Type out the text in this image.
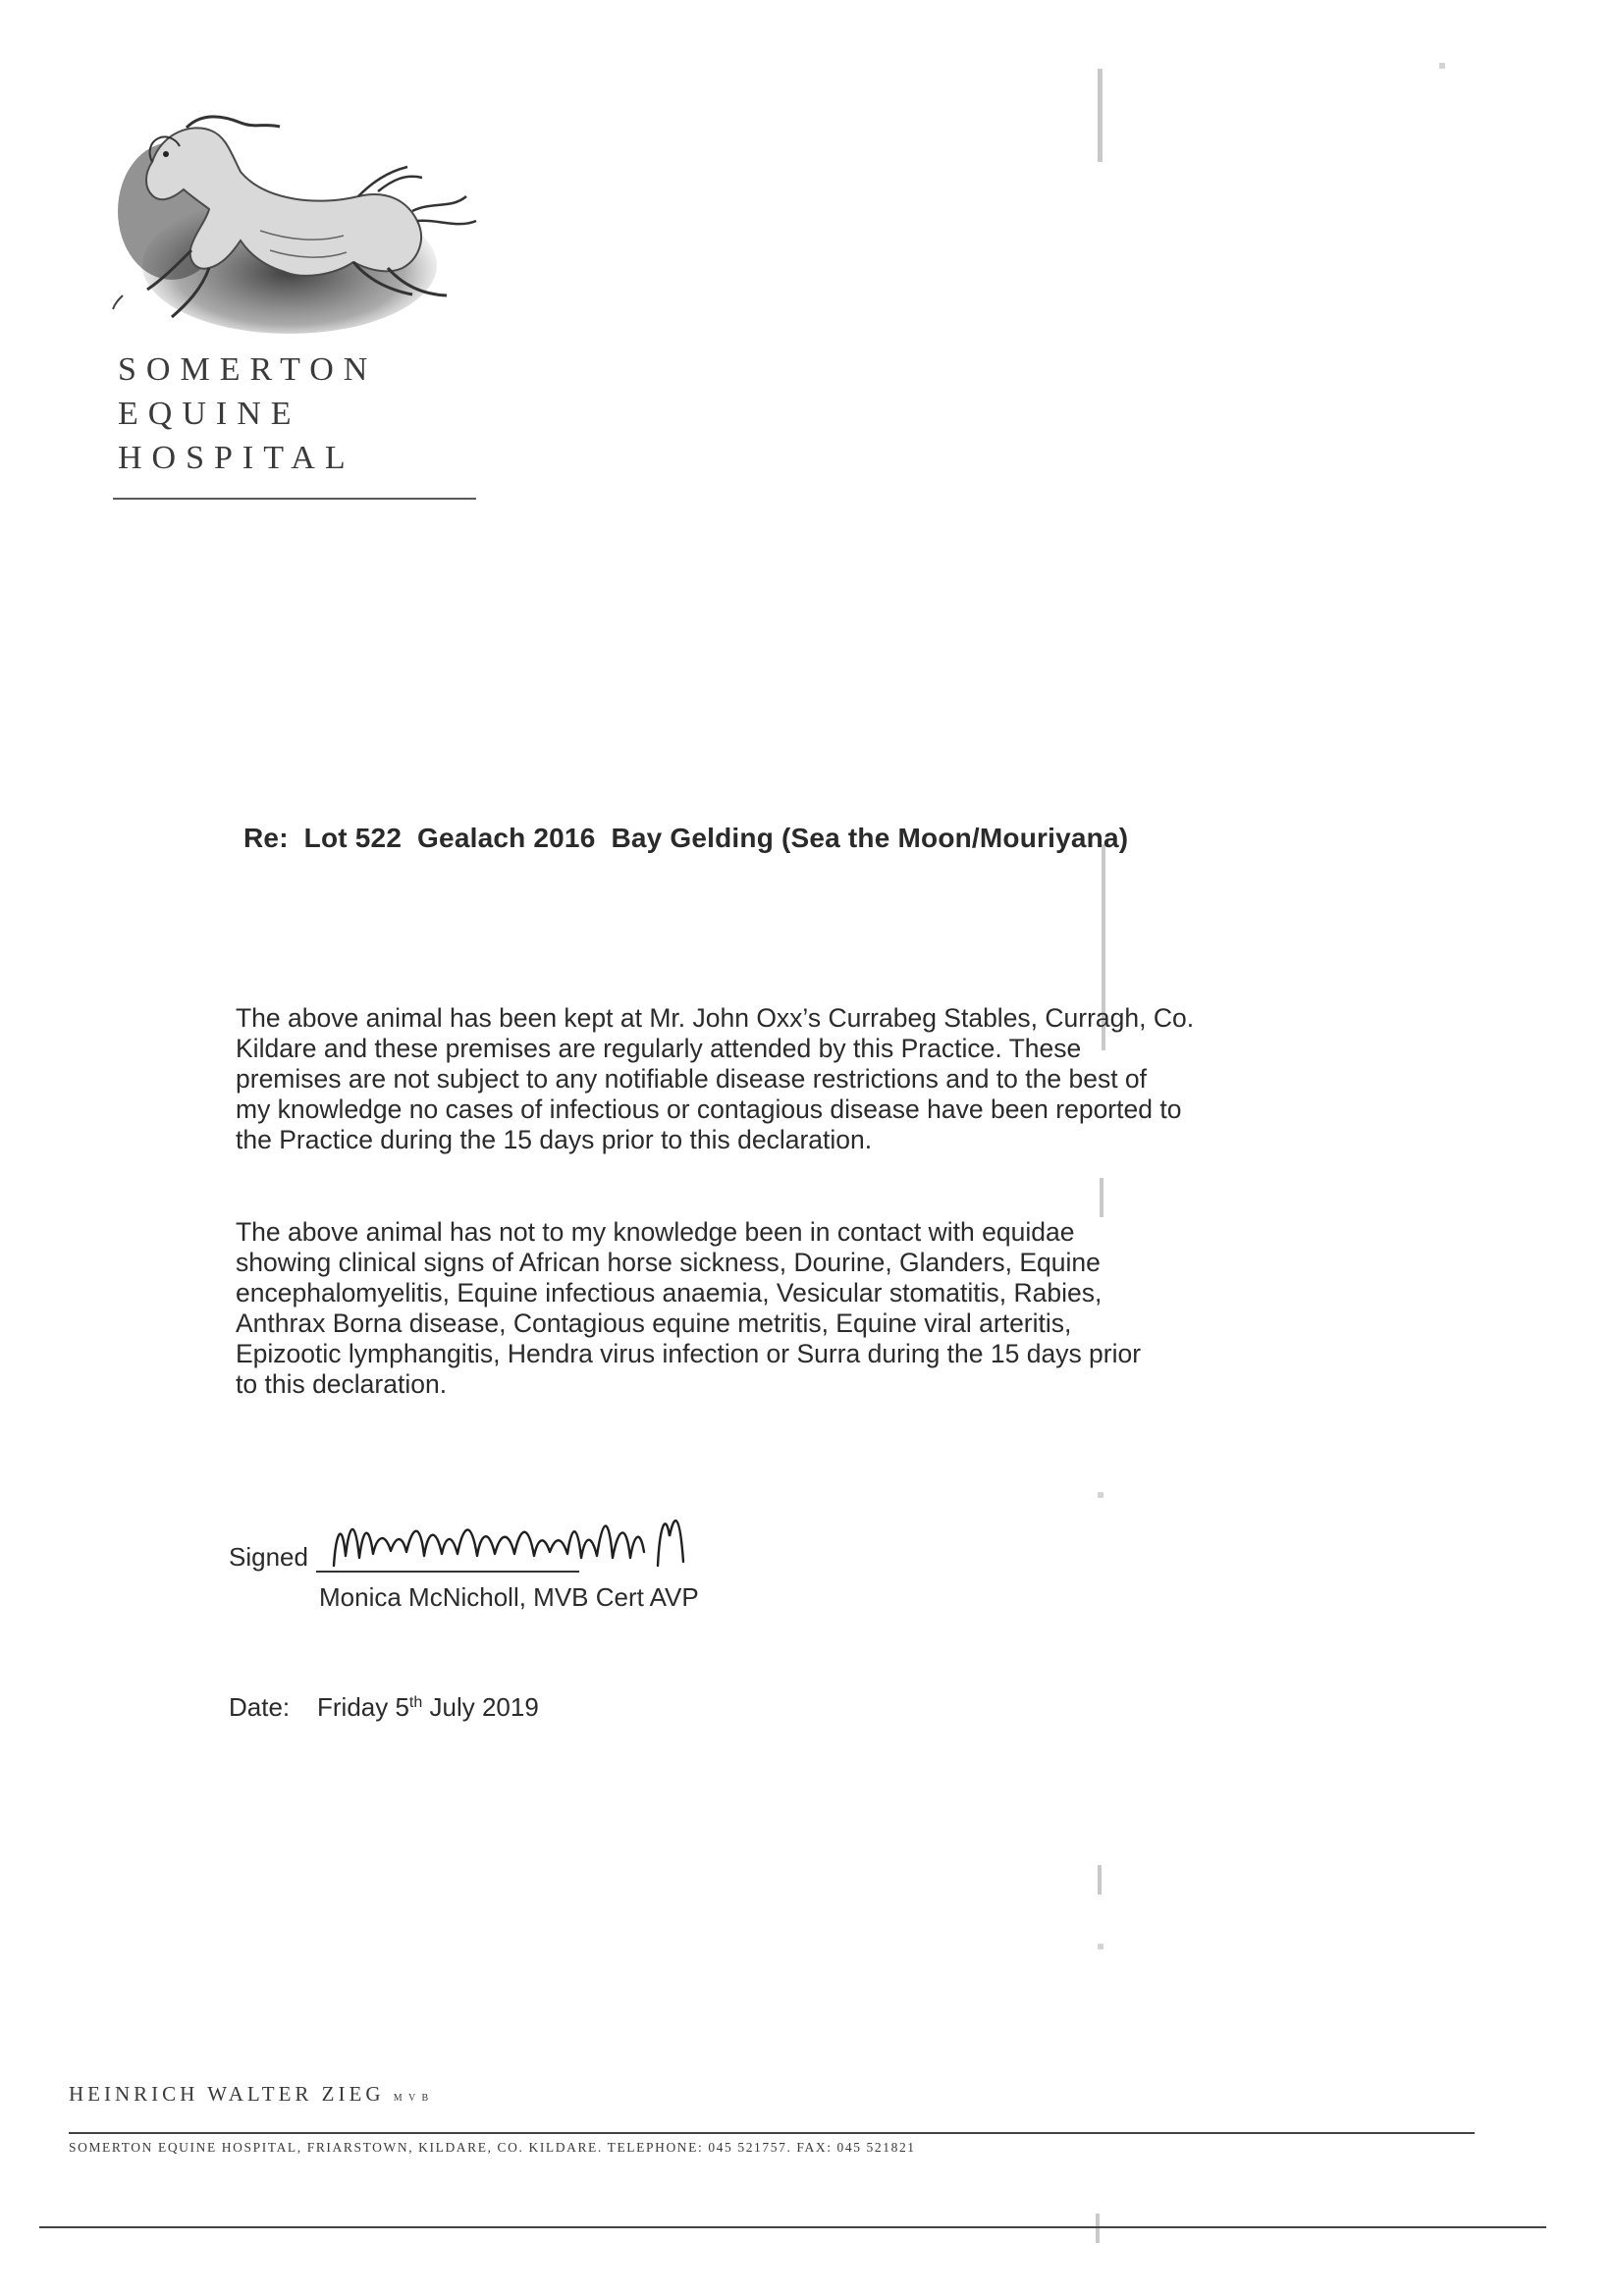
SOMERTON
EQUINE
HOSPITAL
Re:  Lot 522  Gealach 2016  Bay Gelding (Sea the Moon/Mouriyana)

The above animal has been kept at Mr. John Oxx’s Currabeg Stables, Curragh, Co.
Kildare and these premises are regularly attended by this Practice. These
premises are not subject to any notifiable disease restrictions and to the best of
my knowledge no cases of infectious or contagious disease have been reported to
the Practice during the 15 days prior to this declaration.

The above animal has not to my knowledge been in contact with equidae
showing clinical signs of African horse sickness, Dourine, Glanders, Equine
encephalomyelitis, Equine infectious anaemia, Vesicular stomatitis, Rabies,
Anthrax Borna disease, Contagious equine metritis, Equine viral arteritis,
Epizootic lymphangitis, Hendra virus infection or Surra during the 15 days prior
to this declaration.

Signed
Monica McNicholl, MVB Cert AVP
Date: Friday 5th July 2019
HEINRICH WALTER ZIEG M V B
SOMERTON EQUINE HOSPITAL, FRIARSTOWN, KILDARE, CO. KILDARE. TELEPHONE: 045 521757. FAX: 045 521821
